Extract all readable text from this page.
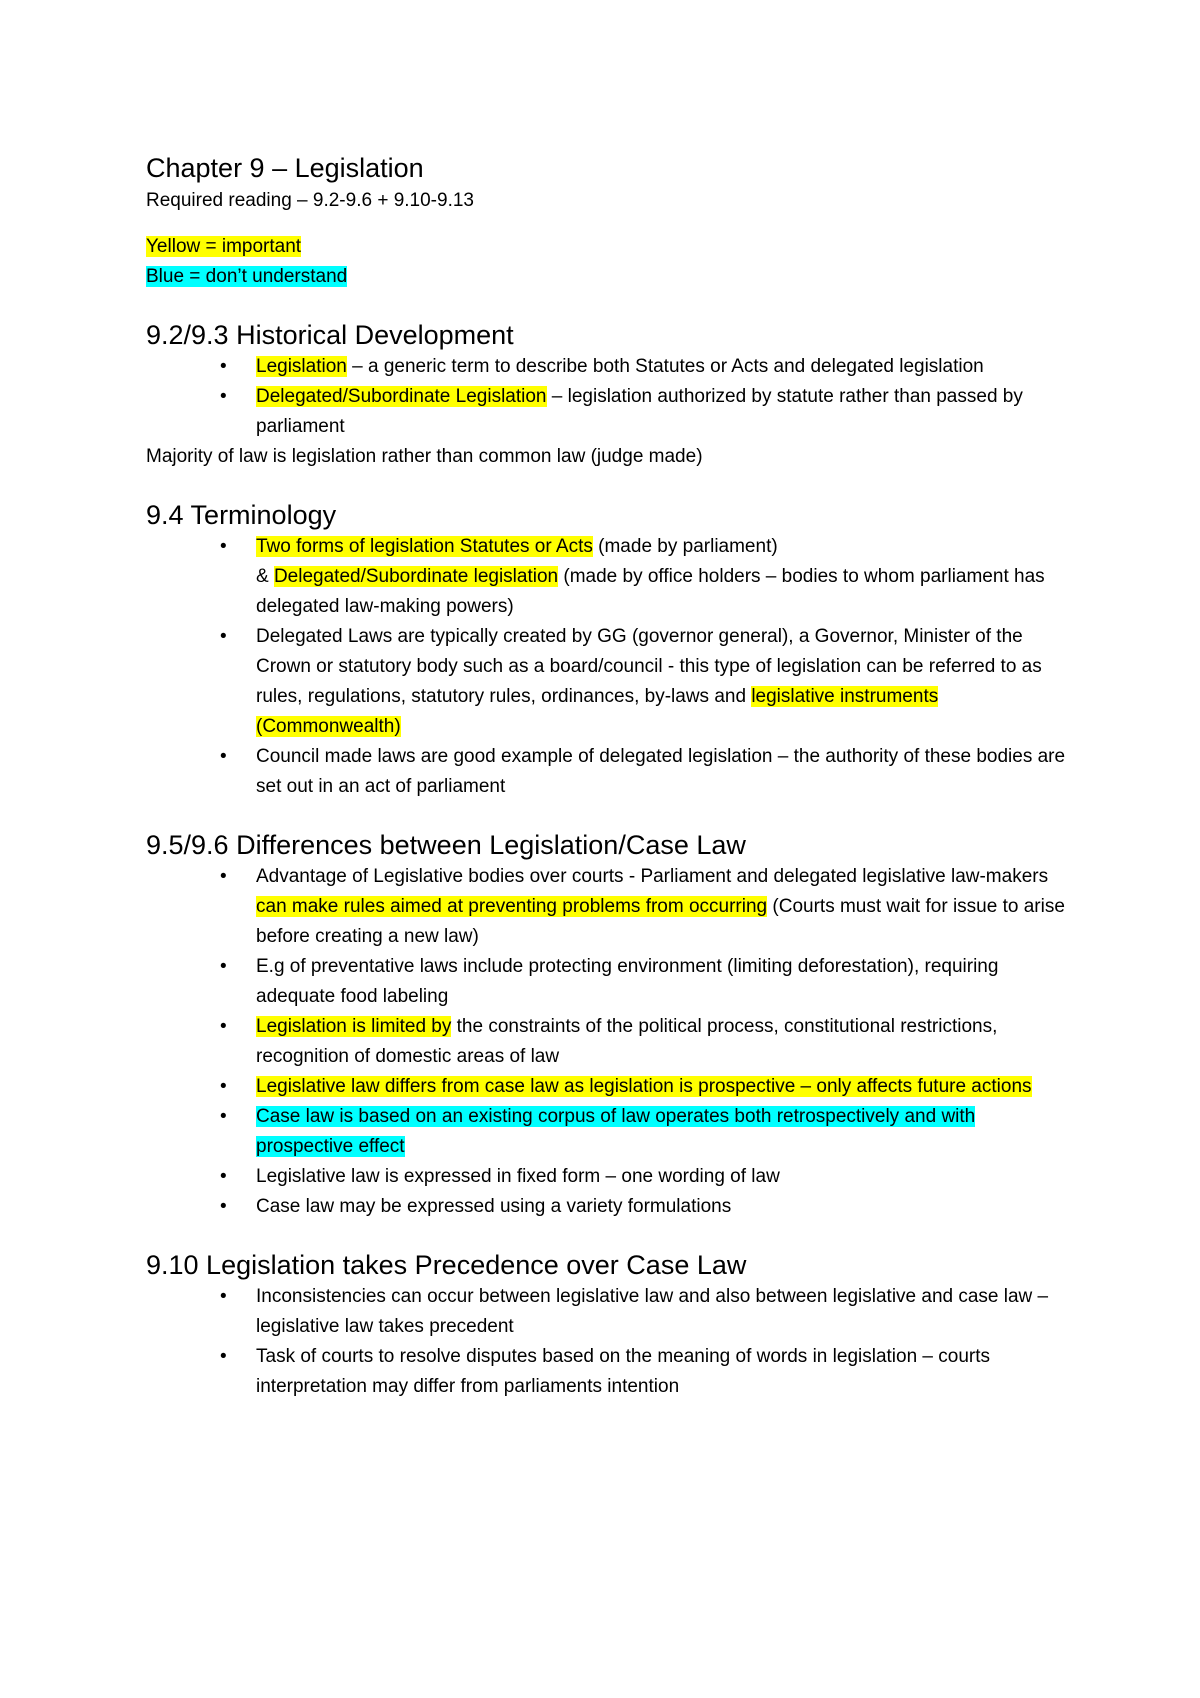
Chapter 9 – Legislation
Required reading – 9.2-9.6 + 9.10-9.13
Yellow = important
Blue = don’t understand
9.2/9.3 Historical Development
• Legislation – a generic term to describe both Statutes or Acts and delegated legislation
• Delegated/Subordinate Legislation – legislation authorized by statute rather than passed by parliament
Majority of law is legislation rather than common law (judge made)
9.4 Terminology
• Two forms of legislation Statutes or Acts (made by parliament)
& Delegated/Subordinate legislation (made by office holders – bodies to whom parliament has delegated law-making powers)
• Delegated Laws are typically created by GG (governor general), a Governor, Minister of the Crown or statutory body such as a board/council - this type of legislation can be referred to as rules, regulations, statutory rules, ordinances, by-laws and legislative instruments (Commonwealth)
• Council made laws are good example of delegated legislation – the authority of these bodies are set out in an act of parliament
9.5/9.6 Differences between Legislation/Case Law
• Advantage of Legislative bodies over courts - Parliament and delegated legislative law-makers can make rules aimed at preventing problems from occurring (Courts must wait for issue to arise before creating a new law)
• E.g of preventative laws include protecting environment (limiting deforestation), requiring adequate food labeling
• Legislation is limited by the constraints of the political process, constitutional restrictions, recognition of domestic areas of law
• Legislative law differs from case law as legislation is prospective – only affects future actions
• Case law is based on an existing corpus of law operates both retrospectively and with prospective effect
• Legislative law is expressed in fixed form – one wording of law
• Case law may be expressed using a variety formulations
9.10 Legislation takes Precedence over Case Law
• Inconsistencies can occur between legislative law and also between legislative and case law – legislative law takes precedent
• Task of courts to resolve disputes based on the meaning of words in legislation – courts interpretation may differ from parliaments intention
